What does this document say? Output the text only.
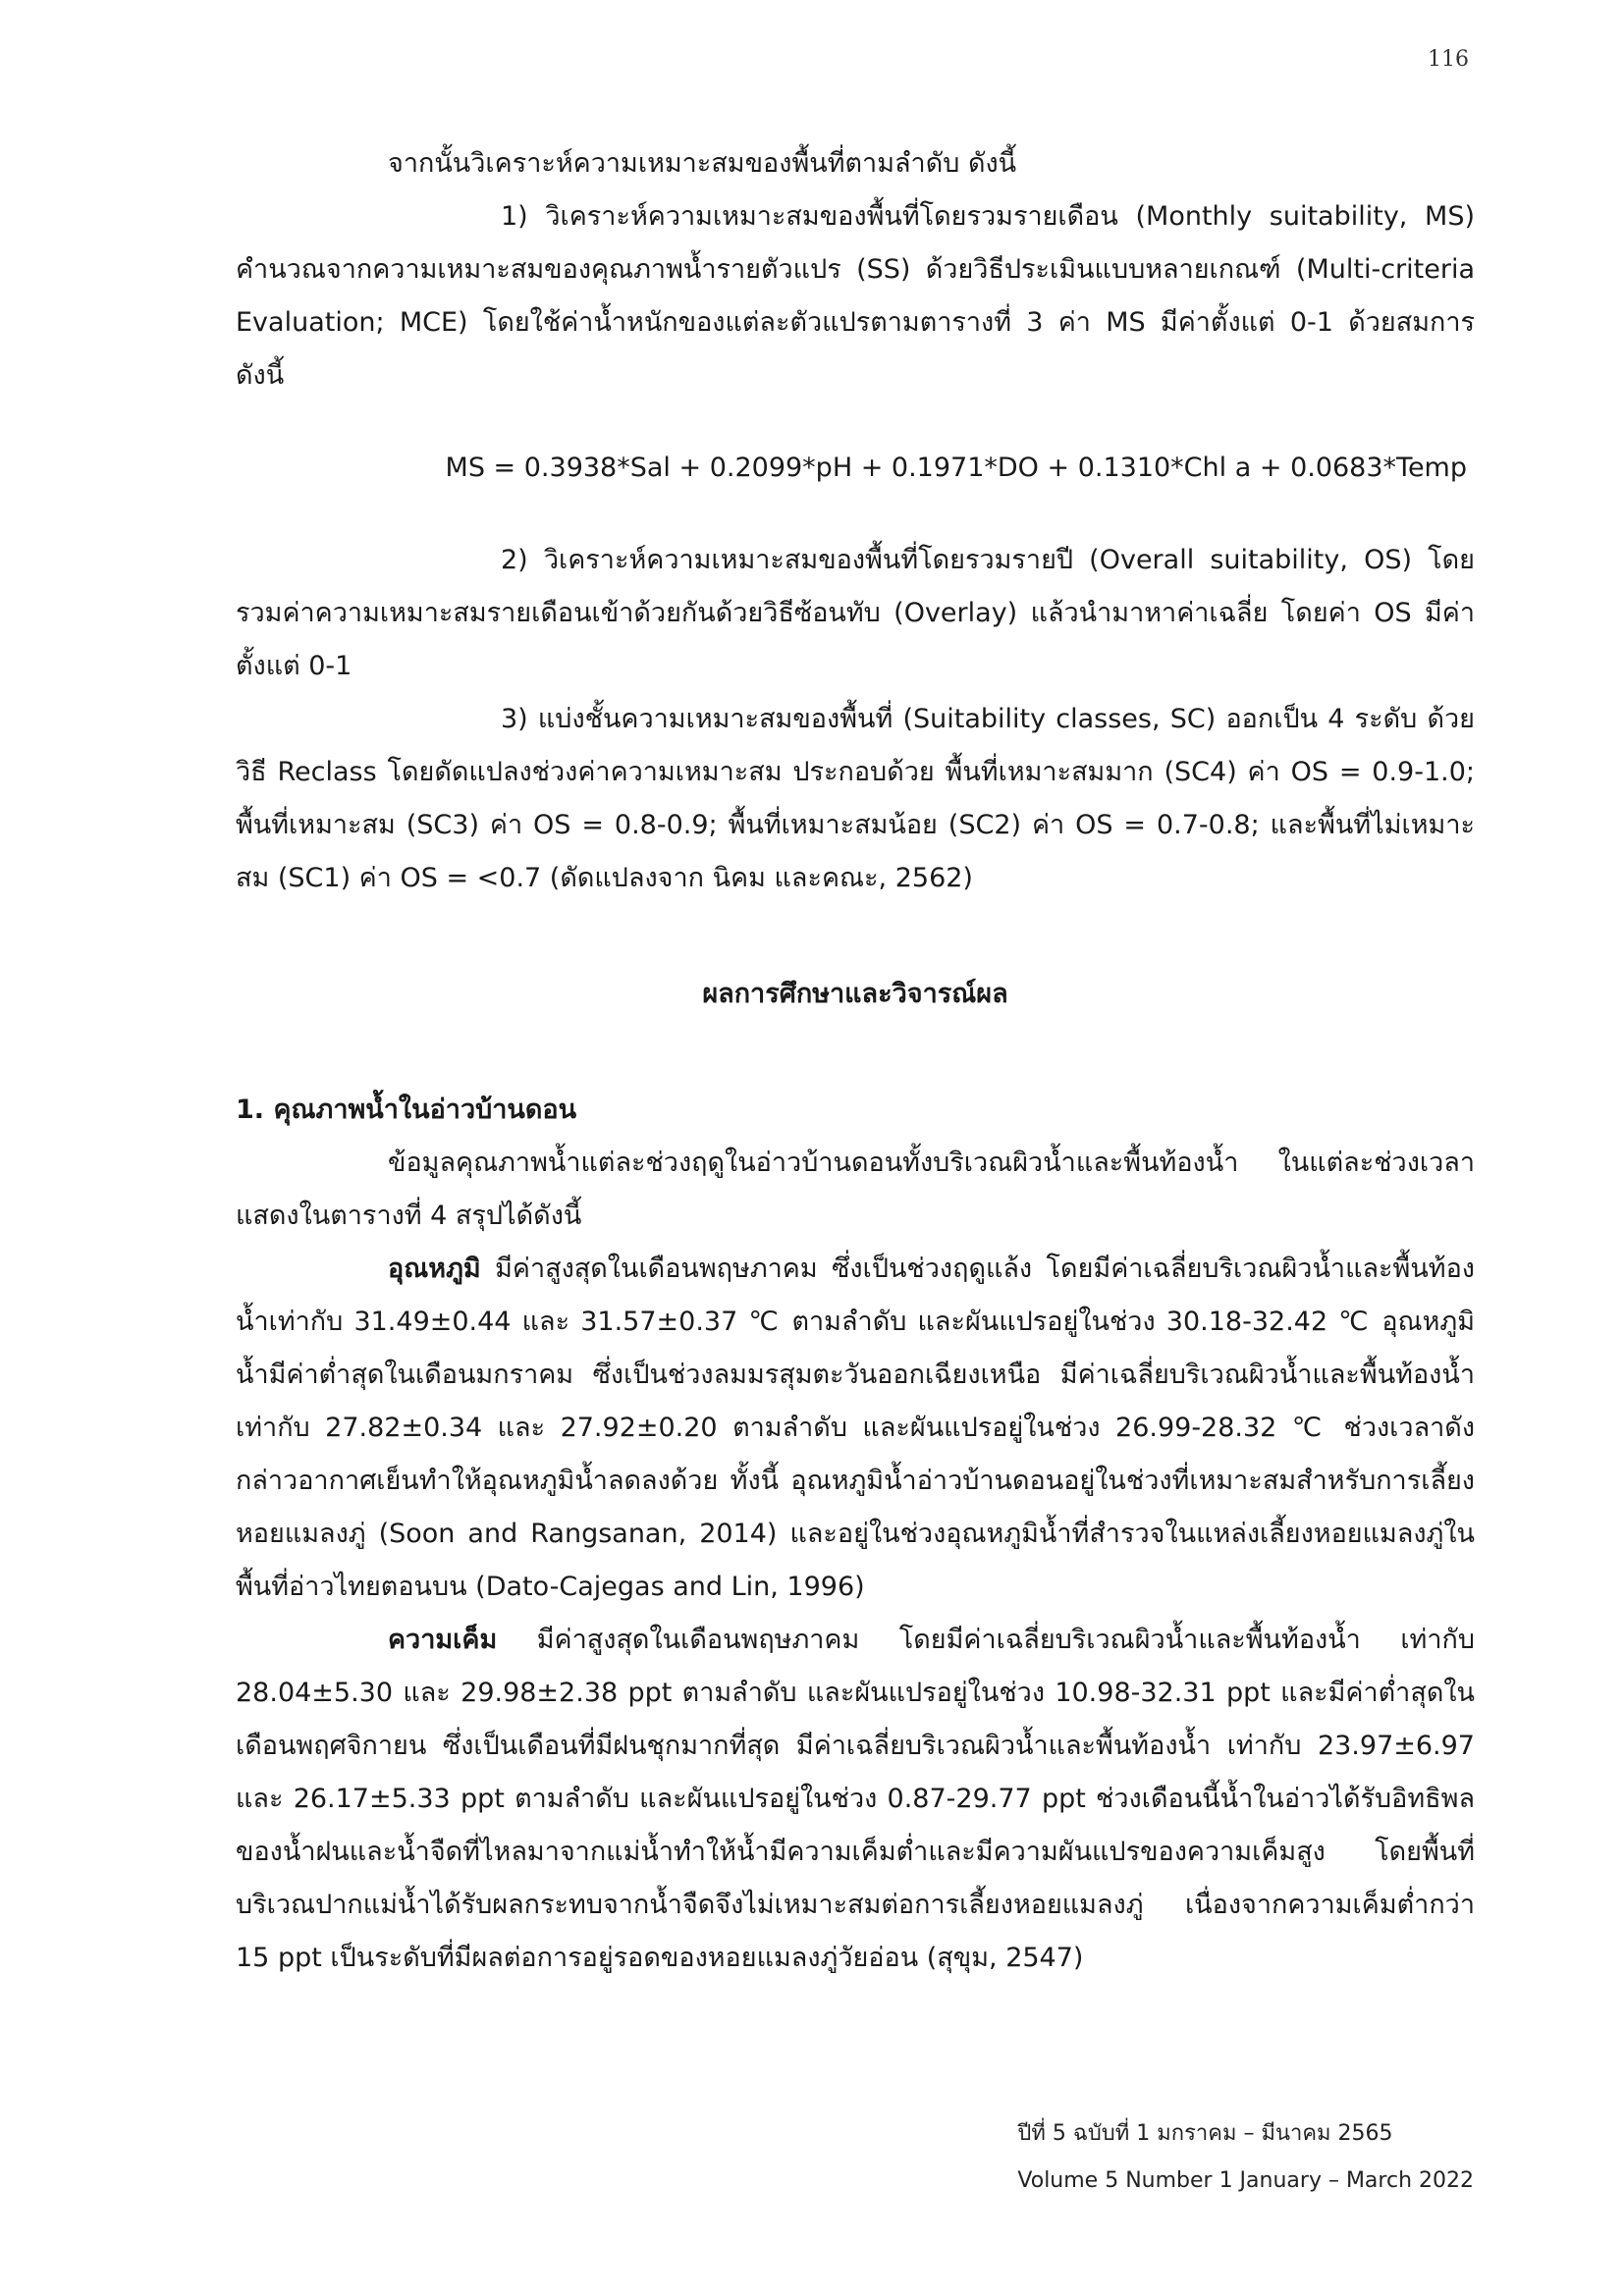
116

จากนั้นวิเคราะห์ความเหมาะสมของพื้นที่ตามลำดับ ดังนี้

1) วิเคราะห์ความเหมาะสมของพื้นที่โดยรวมรายเดือน (Monthly suitability, MS) คำนวณจากความเหมาะสมของคุณภาพน้ำรายตัวแปร (SS) ด้วยวิธีประเมินแบบหลายเกณฑ์ (Multi-criteria Evaluation; MCE) โดยใช้ค่าน้ำหนักของแต่ละตัวแปรตามตารางที่ 3 ค่า MS มีค่าตั้งแต่ 0-1 ด้วยสมการ ดังนี้

MS = 0.3938*Sal + 0.2099*pH + 0.1971*DO + 0.1310*Chl a + 0.0683*Temp

2) วิเคราะห์ความเหมาะสมของพื้นที่โดยรวมรายปี (Overall suitability, OS) โดยรวมค่าความเหมาะสมรายเดือนเข้าด้วยกันด้วยวิธีซ้อนทับ (Overlay) แล้วนำมาหาค่าเฉลี่ย โดยค่า OS มีค่าตั้งแต่ 0-1

3) แบ่งชั้นความเหมาะสมของพื้นที่ (Suitability classes, SC) ออกเป็น 4 ระดับ ด้วยวิธี Reclass โดยดัดแปลงช่วงค่าความเหมาะสม ประกอบด้วย พื้นที่เหมาะสมมาก (SC4) ค่า OS = 0.9-1.0; พื้นที่เหมาะสม (SC3) ค่า OS = 0.8-0.9; พื้นที่เหมาะสมน้อย (SC2) ค่า OS = 0.7-0.8; และพื้นที่ไม่เหมาะสม (SC1) ค่า OS = <0.7 (ดัดแปลงจาก นิคม และคณะ, 2562)

ผลการศึกษาและวิจารณ์ผล

1. คุณภาพน้ำในอ่าวบ้านดอน

ข้อมูลคุณภาพน้ำแต่ละช่วงฤดูในอ่าวบ้านดอนทั้งบริเวณผิวน้ำและพื้นท้องน้ำ ในแต่ละช่วงเวลาแสดงในตารางที่ 4 สรุปได้ดังนี้

อุณหภูมิ มีค่าสูงสุดในเดือนพฤษภาคม ซึ่งเป็นช่วงฤดูแล้ง โดยมีค่าเฉลี่ยบริเวณผิวน้ำและพื้นท้องน้ำเท่ากับ 31.49±0.44 และ 31.57±0.37 ℃ ตามลำดับ และผันแปรอยู่ในช่วง 30.18-32.42 ℃ อุณหภูมิน้ำมีค่าต่ำสุดในเดือนมกราคม ซึ่งเป็นช่วงลมมรสุมตะวันออกเฉียงเหนือ มีค่าเฉลี่ยบริเวณผิวน้ำและพื้นท้องน้ำเท่ากับ 27.82±0.34 และ 27.92±0.20 ตามลำดับ และผันแปรอยู่ในช่วง 26.99-28.32 ℃ ช่วงเวลาดังกล่าวอากาศเย็นทำให้อุณหภูมิน้ำลดลงด้วย ทั้งนี้ อุณหภูมิน้ำอ่าวบ้านดอนอยู่ในช่วงที่เหมาะสมสำหรับการเลี้ยงหอยแมลงภู่ (Soon and Rangsanan, 2014) และอยู่ในช่วงอุณหภูมิน้ำที่สำรวจในแหล่งเลี้ยงหอยแมลงภู่ในพื้นที่อ่าวไทยตอนบน (Dato-Cajegas and Lin, 1996)

ความเค็ม มีค่าสูงสุดในเดือนพฤษภาคม โดยมีค่าเฉลี่ยบริเวณผิวน้ำและพื้นท้องน้ำ เท่ากับ 28.04±5.30 และ 29.98±2.38 ppt ตามลำดับ และผันแปรอยู่ในช่วง 10.98-32.31 ppt และมีค่าต่ำสุดในเดือนพฤศจิกายน ซึ่งเป็นเดือนที่มีฝนชุกมากที่สุด มีค่าเฉลี่ยบริเวณผิวน้ำและพื้นท้องน้ำ เท่ากับ 23.97±6.97 และ 26.17±5.33 ppt ตามลำดับ และผันแปรอยู่ในช่วง 0.87-29.77 ppt ช่วงเดือนนี้น้ำในอ่าวได้รับอิทธิพลของน้ำฝนและน้ำจืดที่ไหลมาจากแม่น้ำทำให้น้ำมีความเค็มต่ำและมีความผันแปรของความเค็มสูง โดยพื้นที่บริเวณปากแม่น้ำได้รับผลกระทบจากน้ำจืดจึงไม่เหมาะสมต่อการเลี้ยงหอยแมลงภู่ เนื่องจากความเค็มต่ำกว่า 15 ppt เป็นระดับที่มีผลต่อการอยู่รอดของหอยแมลงภู่วัยอ่อน (สุขุม, 2547)

ปีที่ 5 ฉบับที่ 1 มกราคม – มีนาคม 2565
Volume 5 Number 1 January – March 2022
